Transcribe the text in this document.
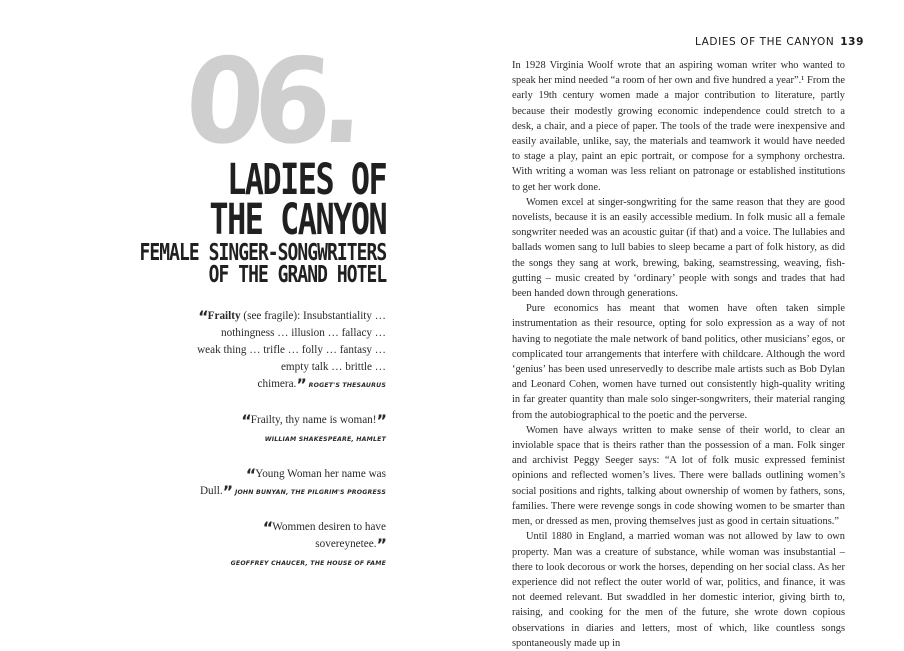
LADIES OF THE CANYON 139
06.
LADIES OF
THE CANYON
FEMALE SINGER-SONGWRITERS
OF THE GRAND HOTEL
“Frailty (see fragile): Insubstantiality … nothingness … illusion … fallacy … weak thing … trifle … folly … fantasy … empty talk … brittle … chimera.” ROGET'S THESAURUS
“Frailty, thy name is woman!”
WILLIAM SHAKESPEARE, HAMLET
“Young Woman her name was Dull.” JOHN BUNYAN, THE PILGRIM'S PROGRESS
“Wommen desiren to have sovereynetee.”
GEOFFREY CHAUCER, THE HOUSE OF FAME

In 1928 Virginia Woolf wrote that an aspiring woman writer who wanted to speak her mind needed “a room of her own and five hundred a year”.¹ From the early 19th century women made a major contribution to literature, partly because their modestly growing economic independence could stretch to a desk, a chair, and a piece of paper. The tools of the trade were inexpensive and easily available, unlike, say, the materials and teamwork it would have needed to stage a play, paint an epic portrait, or compose for a symphony orchestra. With writing a woman was less reliant on patronage or established institutions to get her work done.

Women excel at singer-songwriting for the same reason that they are good novelists, because it is an easily accessible medium. In folk music all a female songwriter needed was an acoustic guitar (if that) and a voice. The lullabies and ballads women sang to lull babies to sleep became a part of folk history, as did the songs they sang at work, brewing, baking, seamstressing, weaving, fish-gutting – music created by ‘ordinary’ people with songs and trades that had been handed down through generations.

Pure economics has meant that women have often taken simple instrumentation as their resource, opting for solo expression as a way of not having to negotiate the male network of band politics, other musicians’ egos, or complicated tour arrangements that interfere with childcare. Although the word ‘genius’ has been used unreservedly to describe male artists such as Bob Dylan and Leonard Cohen, women have turned out consistently high-quality writing in far greater quantity than male solo singer-songwriters, their material ranging from the autobiographical to the poetic and the perverse.

Women have always written to make sense of their world, to clear an inviolable space that is theirs rather than the possession of a man. Folk singer and archivist Peggy Seeger says: “A lot of folk music expressed feminist opinions and reflected women’s lives. There were ballads outlining women’s social positions and rights, talking about ownership of women by fathers, sons, families. There were revenge songs in code showing women to be smarter than men, or dressed as men, proving themselves just as good in certain situations.”

Until 1880 in England, a married woman was not allowed by law to own property. Man was a creature of substance, while woman was insubstantial – there to look decorous or work the horses, depending on her social class. As her experience did not reflect the outer world of war, politics, and finance, it was not deemed relevant. But swaddled in her domestic interior, giving birth to, raising, and cooking for the men of the future, she wrote down copious observations in diaries and letters, most of which, like countless songs spontaneously made up in
